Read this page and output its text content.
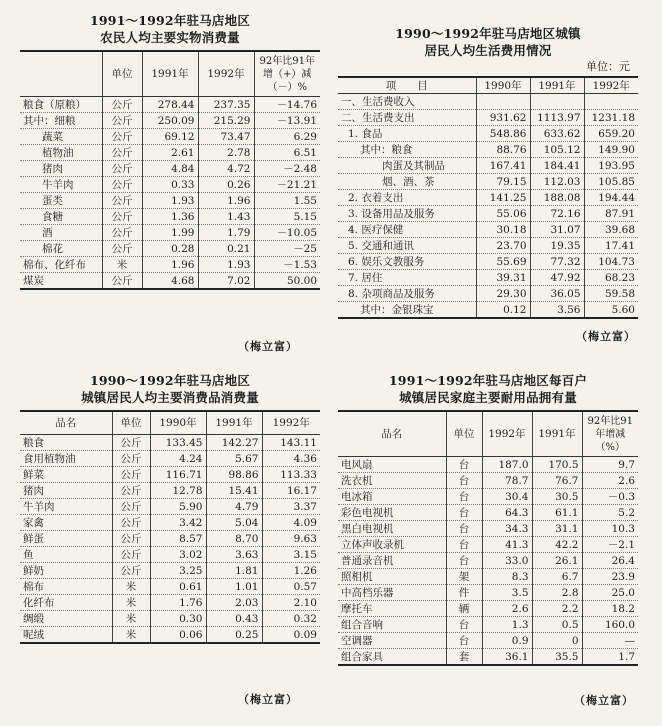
1991～1992年驻马店地区
农民人均主要实物消费量
	单位	1991年	1992年	92年比91年增（+）减（－）%
粮食（原粮）	公斤	278.44	237.35	－14.76
其中：细粮	公斤	250.09	215.29	－13.91
蔬菜	公斤	69.12	73.47	6.29
植物油	公斤	2.61	2.78	6.51
猪肉	公斤	4.84	4.72	－2.48
牛羊肉	公斤	0.33	0.26	－21.21
蛋类	公斤	1.93	1.96	1.55
食糖	公斤	1.36	1.43	5.15
酒	公斤	1.99	1.79	－10.05
棉花	公斤	0.28	0.21	－25
棉布、化纤布	米	1.96	1.93	－1.53
煤炭	公斤	4.68	7.02	50.00
（梅立富）
1990～1992年驻马店地区城镇
居民人均生活费用情况
单位：元
项　　目	1990年	1991年	1992年
一、生活费收入			
二、生活费支出	931.62	1113.97	1231.18
1. 食品	548.86	633.62	659.20
其中：粮食	88.76	105.12	149.90
肉蛋及其制品	167.41	184.41	193.95
烟、酒、茶	79.15	112.03	105.85
2. 衣着支出	141.25	188.08	194.44
3. 设备用品及服务	55.06	72.16	87.91
4. 医疗保健	30.18	31.07	39.68
5. 交通和通讯	23.70	19.35	17.41
6. 娱乐文教服务	55.69	77.32	104.73
7. 居住	39.31	47.92	68.23
8. 杂项商品及服务	29.30	36.05	59.58
其中：金银珠宝	0.12	3.56	5.60
（梅立富）
1990～1992年驻马店地区
城镇居民人均主要消费品消费量
品名	单位	1990年	1991年	1992年
粮食	公斤	133.45	142.27	143.11
食用植物油	公斤	4.24	5.67	4.36
鲜菜	公斤	116.71	98.86	113.33
猪肉	公斤	12.78	15.41	16.17
牛羊肉	公斤	5.90	4.79	3.37
家禽	公斤	3.42	5.04	4.09
鲜蛋	公斤	8.57	8.70	9.63
鱼	公斤	3.02	3.63	3.15
鲜奶	公斤	3.25	1.81	1.26
棉布	米	0.61	1.01	0.57
化纤布	米	1.76	2.03	2.10
绸缎	米	0.30	0.43	0.32
呢绒	米	0.06	0.25	0.09
（梅立富）
1991～1992年驻马店地区每百户
城镇居民家庭主要耐用品拥有量
品名	单位	1992年	1991年	92年比91年增减（%）
电风扇	台	187.0	170.5	9.7
洗衣机	台	78.7	76.7	2.6
电冰箱	台	30.4	30.5	－0.3
彩色电视机	台	64.3	61.1	5.2
黑白电视机	台	34.3	31.1	10.3
立体声收录机	台	41.3	42.2	－2.1
普通录音机	台	33.0	26.1	26.4
照相机	架	8.3	6.7	23.9
中高档乐器	件	3.5	2.8	25.0
摩托车	辆	2.6	2.2	18.2
组合音响	台	1.3	0.5	160.0
空调器	台	0.9	0	—
组合家具	套	36.1	35.5	1.7
（梅立富）
